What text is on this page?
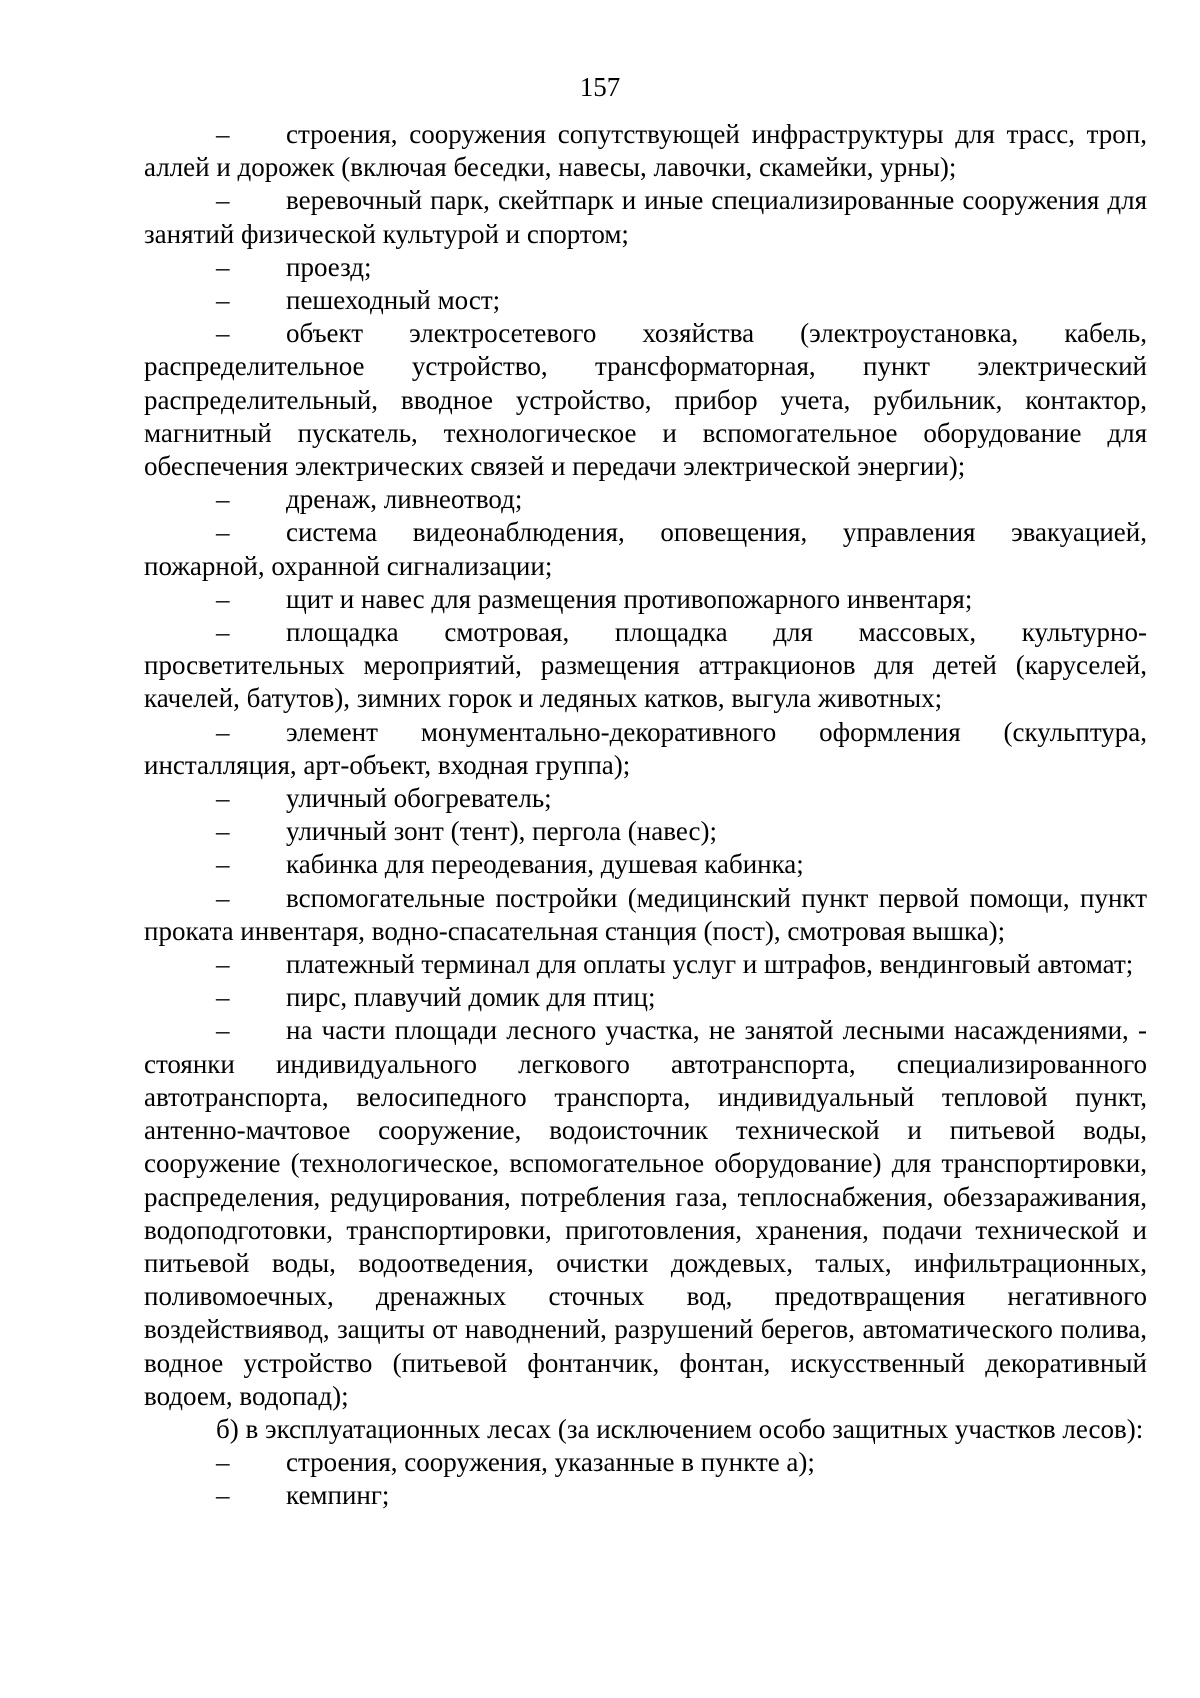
157

– строения, сооружения сопутствующей инфраструктуры для трасс, троп, аллей и дорожек (включая беседки, навесы, лавочки, скамейки, урны);

– веревочный парк, скейтпарк и иные специализированные сооружения для занятий физической культурой и спортом;

– проезд;

– пешеходный мост;

– объект электросетевого хозяйства (электроустановка, кабель, распределительное устройство, трансформаторная, пункт электрический распределительный, вводное устройство, прибор учета, рубильник, контактор, магнитный пускатель, технологическое и вспомогательное оборудование для обеспечения электрических связей и передачи электрической энергии);

– дренаж, ливнеотвод;

– система видеонаблюдения, оповещения, управления эвакуацией, пожарной, охранной сигнализации;

– щит и навес для размещения противопожарного инвентаря;

– площадка смотровая, площадка для массовых, культурно-просветительных мероприятий, размещения аттракционов для детей (каруселей, качелей, батутов), зимних горок и ледяных катков, выгула животных;

– элемент монументально-декоративного оформления (скульптура, инсталляция, арт-объект, входная группа);

– уличный обогреватель;

– уличный зонт (тент), пергола (навес);

– кабинка для переодевания, душевая кабинка;

– вспомогательные постройки (медицинский пункт первой помощи, пункт проката инвентаря, водно-спасательная станция (пост), смотровая вышка);

– платежный терминал для оплаты услуг и штрафов, вендинговый автомат;

– пирс, плавучий домик для птиц;

– на части площади лесного участка, не занятой лесными насаждениями, - стоянки индивидуального легкового автотранспорта, специализированного автотранспорта, велосипедного транспорта, индивидуальный тепловой пункт, антенно-мачтовое сооружение, водоисточник технической и питьевой воды, сооружение (технологическое, вспомогательное оборудование) для транспортировки, распределения, редуцирования, потребления газа, теплоснабжения, обеззараживания, водоподготовки, транспортировки, приготовления, хранения, подачи технической и питьевой воды, водоотведения, очистки дождевых, талых, инфильтрационных, поливомоечных, дренажных сточных вод, предотвращения негативного воздействиявод, защиты от наводнений, разрушений берегов, автоматического полива, водное устройство (питьевой фонтанчик, фонтан, искусственный декоративный водоем, водопад);

б) в эксплуатационных лесах (за исключением особо защитных участков лесов):

– строения, сооружения, указанные в пункте а);

– кемпинг;
